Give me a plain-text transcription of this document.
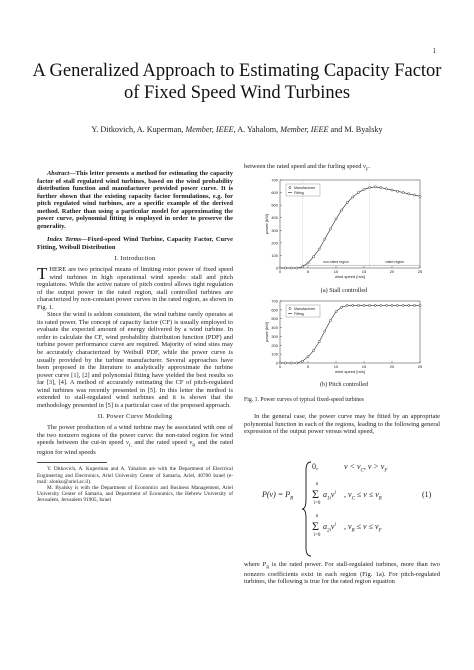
1
A Generalized Approach to Estimating Capacity Factor of Fixed Speed Wind Turbines
Y. Ditkovich, A. Kuperman, Member, IEEE, A. Yahalom, Member, IEEE and M. Byalsky

Abstract—This letter presents a method for estimating the capacity factor of stall regulated wind turbines, based on the wind probability distribution function and manufacturer provided power curve. It is further shown that the existing capacity factor formulations, e.g. for pitch regulated wind turbines, are a specific example of the derived method. Rather than using a particular model for approximating the power curve, polynomial fitting is employed in order to preserve the generality.

Index Terms—Fixed-speed Wind Turbine, Capacity Factor, Curve Fitting, Weibull Distribution

I. Introduction

THERE are two principal means of limiting rotor power of fixed speed wind turbines in high operational wind speeds: stall and pitch regulations. While the active nature of pitch control allows tight regulation of the output power in the rated region, stall controlled turbines are characterized by non-constant power curves in the rated region, as shown in Fig. 1.

Since the wind is seldom consistent, the wind turbine rarely operates at its rated power. The concept of capacity factor (CF) is usually employed to evaluate the expected amount of energy delivered by a wind turbine. In order to calculate the CF, wind probability distribution function (PDF) and turbine power performance curve are required. Majority of wind sites may be accurately characterized by Weibull PDF, while the power curve is usually provided by the turbine manufacturer. Several approaches have been proposed in the literature to analytically approximate the turbine power curve [1], [2] and polynomial fitting have yielded the best results so far [3], [4]. A method of accurately estimating the CF of pitch-regulated wind turbines was recently presented in [5]. In this letter the method is extended to stall-regulated wind turbines and it is shown that the methodology presented in [5] is a particular case of the proposed approach.

II. Power Curve Modeling

The power production of a wind turbine may be associated with one of the two nonzero regions of the power curve: the non-rated region for wind speeds between the cut-in speed $v_C$ and the rated speed $v_R$ and the rated region for wind speeds

Y. Ditkovich, A. Kuperman and A. Yahalom are with the Department of Electrical Engineering and Electronics, Ariel University Center of Samaria, Ariel, 40700 Israel (e-mail: alonku@ariel.ac.il).

M. Byalsky is with the Department of Economics and Business Management, Ariel University Center of Samaria, and Department of Economics, the Hebrew University of Jerusalem, Jerusalem 91905, Israel

between the rated speed and the furling speed $v_F$.
700
600
500
400
300
200
100
0
0	5	10	15	20	25
power [kW]
wind speed [m/s]
non-rated region	rated region
Manufacturer
Fitting
(a) Stall controlled
700
600
500
400
300
200
100
0
0	5	10	15	20	25
power [kW]
wind speed [m/s]
Manufacturer
Fitting
(b) Pitch controlled
Fig. 1. Power curves of typical fixed-speed turbines

In the general case, the power curve may be fitted by an appropriate polynomial function in each of the regions, leading to the following general expression of the output power versus wind speed,

$P(v) = P_R$
0,	$v < v_C$, $v > v_F$
n
Σ
i=0
$a_{1i}v^i$ , $v_C \le v \le v_R$
n
Σ
i=0
$a_{2i}v^i$ , $v_R \le v \le v_F$
(1)

where $P_R$ is the rated power. For stall-regulated turbines, more than two nonzero coefficients exist in each region (Fig. 1a). For pitch-regulated turbines, the following is true for the rated region equation
